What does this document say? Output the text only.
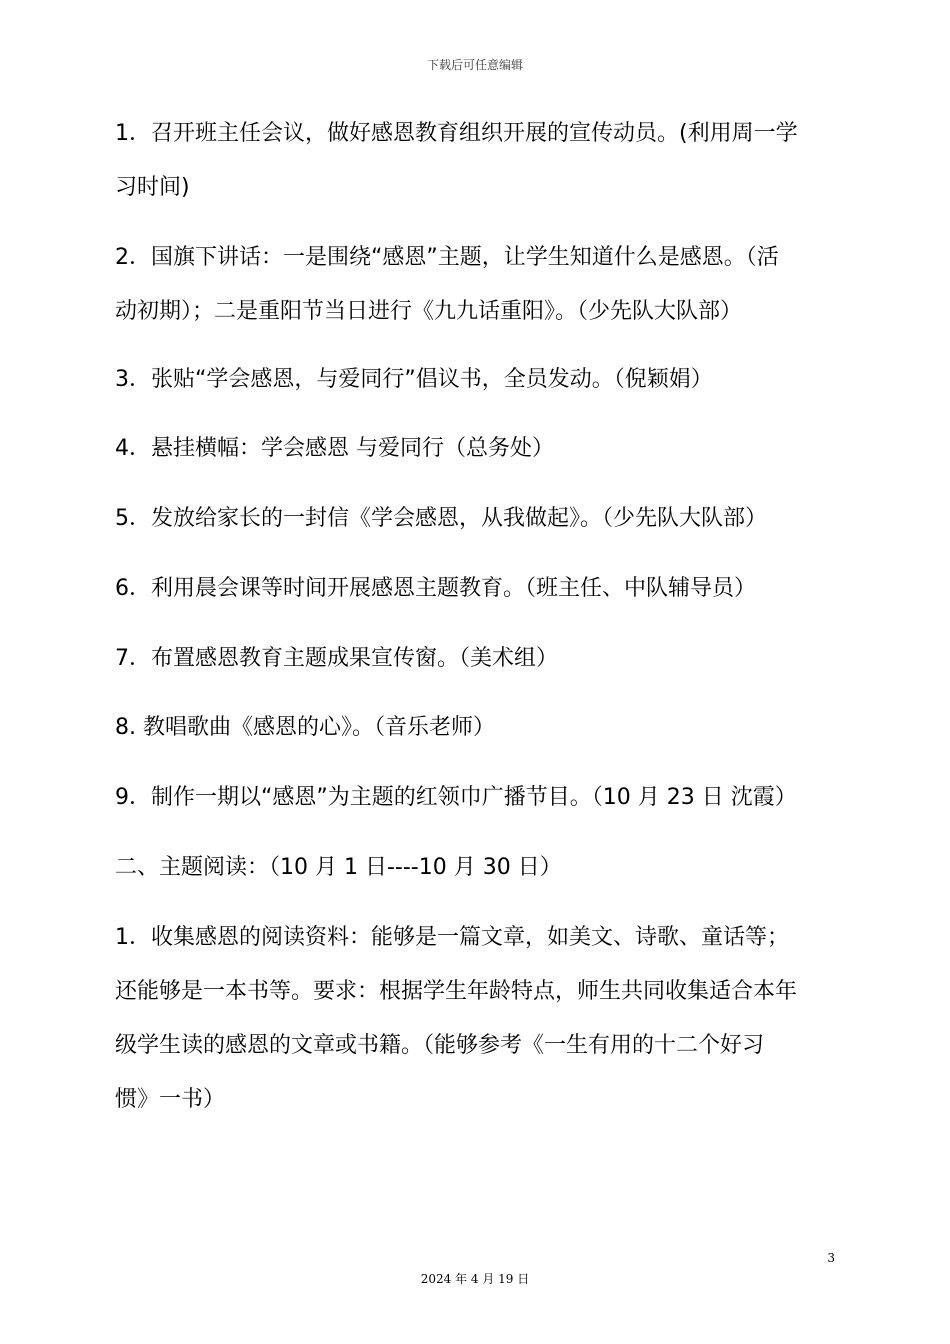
下载后可任意编辑
1．召开班主任会议，做好感恩教育组织开展的宣传动员。(利用周一学
习时间)
2．国旗下讲话：一是围绕“感恩”主题，让学生知道什么是感恩。（活
动初期）；二是重阳节当日进行《九九话重阳》。（少先队大队部）
3．张贴“学会感恩，与爱同行”倡议书，全员发动。（倪颖娟）
4．悬挂横幅：学会感恩 与爱同行（总务处）
5．发放给家长的一封信《学会感恩，从我做起》。（少先队大队部）
6．利用晨会课等时间开展感恩主题教育。（班主任、中队辅导员）
7．布置感恩教育主题成果宣传窗。（美术组）
8. 教唱歌曲《感恩的心》。（音乐老师）
9．制作一期以“感恩”为主题的红领巾广播节目。（10 月 23 日 沈霞）
二、主题阅读：（10 月 1 日----10 月 30 日）
1．收集感恩的阅读资料：能够是一篇文章，如美文、诗歌、童话等；
还能够是一本书等。要求：根据学生年龄特点，师生共同收集适合本年
级学生读的感恩的文章或书籍。（能够参考《一生有用的十二个好习
惯》一书）
3
2024 年 4 月 19 日
